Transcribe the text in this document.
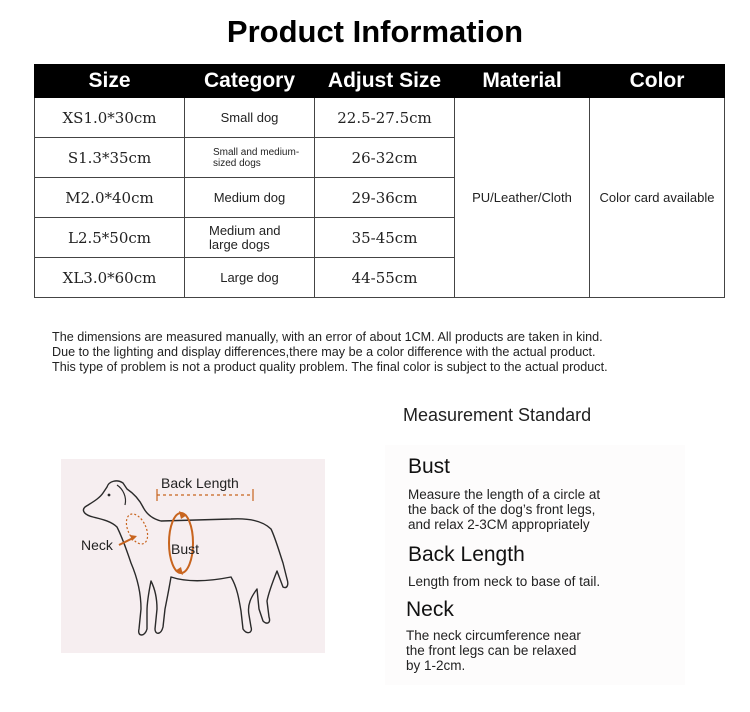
Product Information
Size	Category	Adjust Size	Material	Color
XS1.0*30cm	Small dog	22.5-27.5cm	PU/Leather/Cloth	Color card available
S1.3*35cm	Small and medium-sized dogs	26-32cm		
M2.0*40cm	Medium dog	29-36cm		
L2.5*50cm	Medium and large dogs	35-45cm		
XL3.0*60cm	Large dog	44-55cm		
The dimensions are measured manually, with an error of about 1CM. All products are taken in kind.
Due to the lighting and display differences,there may be a color difference with the actual product.
This type of problem is not a product quality problem. The final color is subject to the actual product.
Measurement Standard
Back Length
Neck	Bust
Bust
Measure the length of a circle at
the back of the dog’s front legs,
and relax 2-3CM appropriately
Back Length
Length from neck to base of tail.
Neck
The neck circumference near
the front legs can be relaxed
by 1-2cm.
